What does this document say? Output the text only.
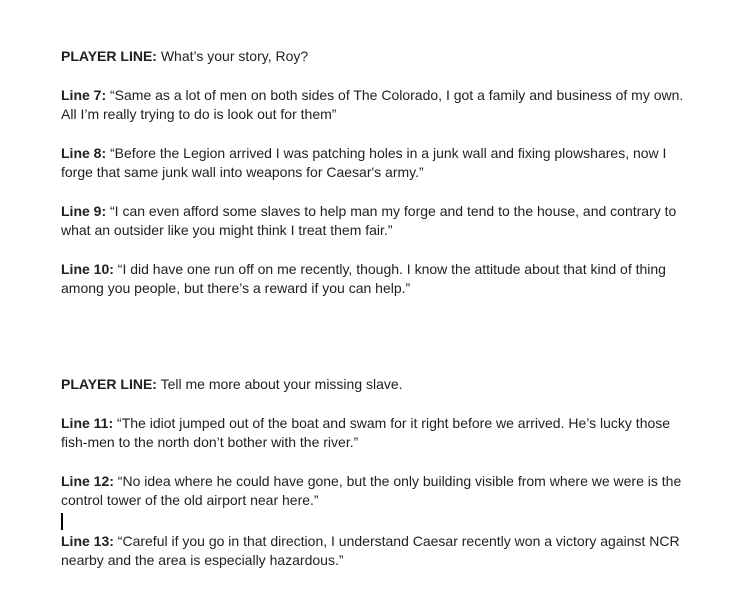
PLAYER LINE: What’s your story, Roy?

Line 7: “Same as a lot of men on both sides of The Colorado, I got a family and business of my own. All I’m really trying to do is look out for them”

Line 8: “Before the Legion arrived I was patching holes in a junk wall and fixing plowshares, now I forge that same junk wall into weapons for Caesar's army.”

Line 9: “I can even afford some slaves to help man my forge and tend to the house, and contrary to what an outsider like you might think I treat them fair.”

Line 10: “I did have one run off on me recently, though. I know the attitude about that kind of thing among you people, but there’s a reward if you can help.”

PLAYER LINE: Tell me more about your missing slave.

Line 11: “The idiot jumped out of the boat and swam for it right before we arrived. He’s lucky those fish-men to the north don’t bother with the river.”

Line 12: “No idea where he could have gone, but the only building visible from where we were is the control tower of the old airport near here.”

Line 13: “Careful if you go in that direction, I understand Caesar recently won a victory against NCR nearby and the area is especially hazardous.”
